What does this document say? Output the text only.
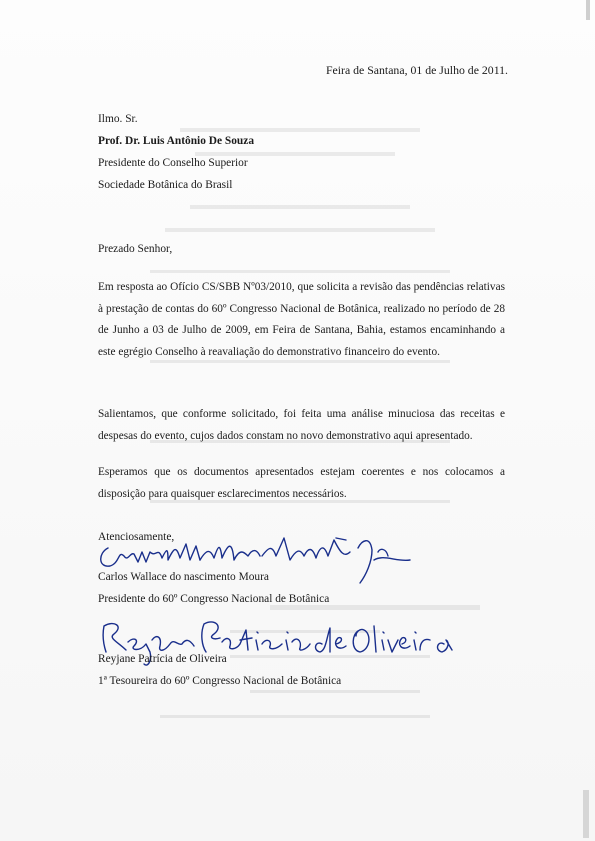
Feira de Santana, 01 de Julho de 2011.
Ilmo. Sr.
Prof. Dr. Luis Antônio De Souza
Presidente do Conselho Superior
Sociedade Botânica do Brasil
Prezado Senhor,
Em resposta ao Ofício CS/SBB Nº03/2010, que solicita a revisão das pendências relativas à prestação de contas do 60º Congresso Nacional de Botânica, realizado no período de 28 de Junho a 03 de Julho de 2009, em Feira de Santana, Bahia, estamos encaminhando a este egrégio Conselho à reavaliação do demonstrativo financeiro do evento.
Salientamos, que conforme solicitado, foi feita uma análise minuciosa das receitas e despesas do evento, cujos dados constam no novo demonstrativo aqui apresentado.
Esperamos que os documentos apresentados estejam coerentes e nos colocamos a disposição para quaisquer esclarecimentos necessários.
Atenciosamente,
Carlos Wallace do nascimento Moura
Presidente do 60º Congresso Nacional de Botânica
Reyjane Patrícia de Oliveira
1ª Tesoureira do 60º Congresso Nacional de Botânica
